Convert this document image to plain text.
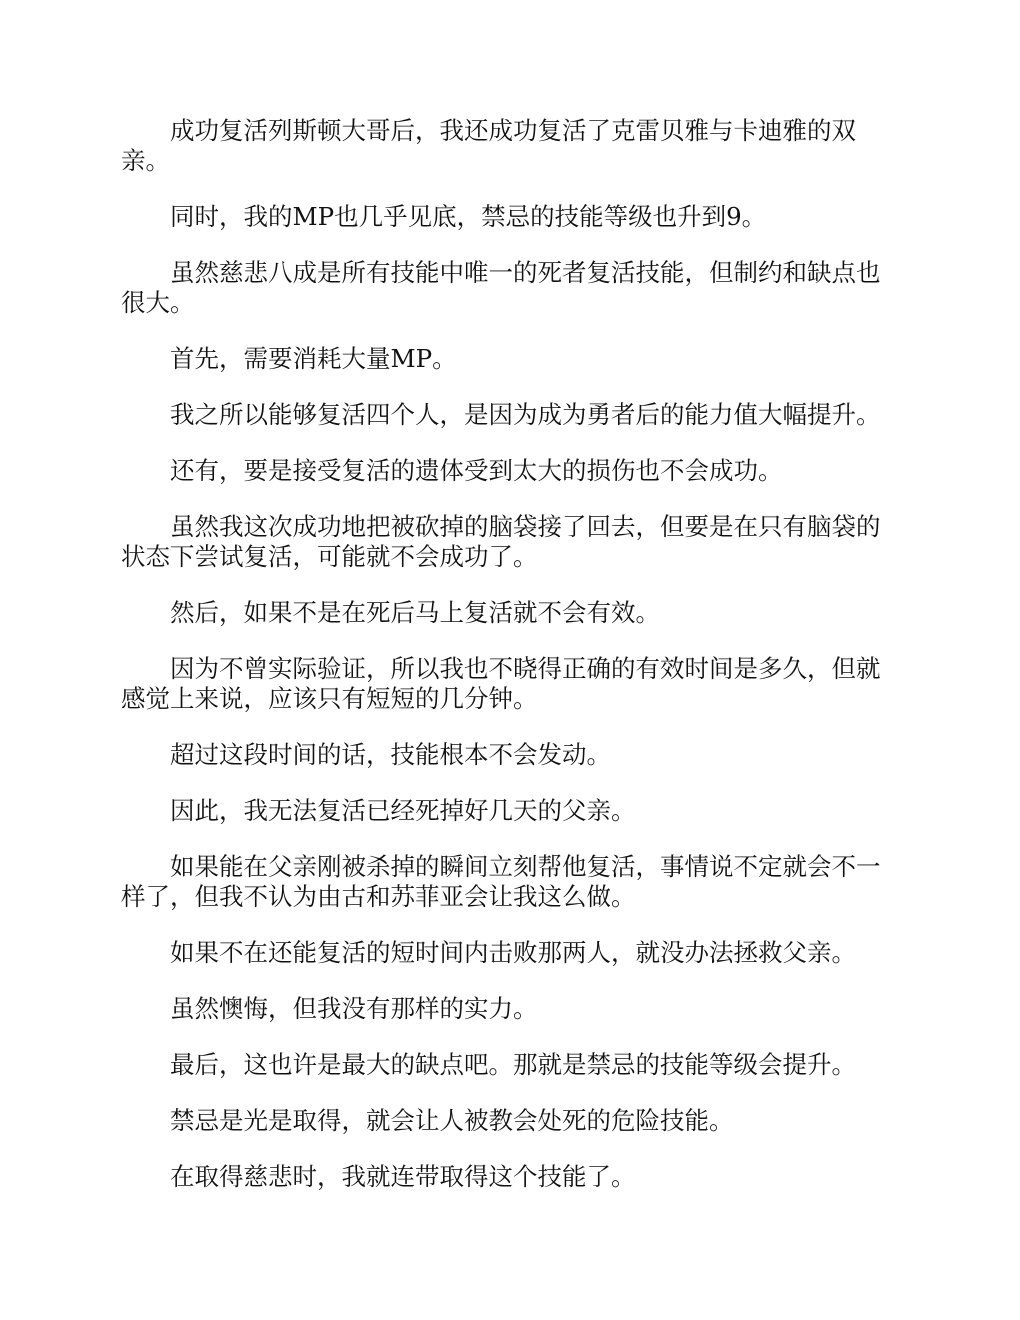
成功复活列斯顿大哥后，我还成功复活了克雷贝雅与卡迪雅的双亲。

同时，我的MP也几乎见底，禁忌的技能等级也升到9。

虽然慈悲八成是所有技能中唯一的死者复活技能，但制约和缺点也很大。

首先，需要消耗大量MP。

我之所以能够复活四个人，是因为成为勇者后的能力值大幅提升。

还有，要是接受复活的遗体受到太大的损伤也不会成功。

虽然我这次成功地把被砍掉的脑袋接了回去，但要是在只有脑袋的状态下尝试复活，可能就不会成功了。

然后，如果不是在死后马上复活就不会有效。

因为不曾实际验证，所以我也不晓得正确的有效时间是多久，但就感觉上来说，应该只有短短的几分钟。

超过这段时间的话，技能根本不会发动。

因此，我无法复活已经死掉好几天的父亲。

如果能在父亲刚被杀掉的瞬间立刻帮他复活，事情说不定就会不一样了，但我不认为由古和苏菲亚会让我这么做。

如果不在还能复活的短时间内击败那两人，就没办法拯救父亲。

虽然懊悔，但我没有那样的实力。

最后，这也许是最大的缺点吧。那就是禁忌的技能等级会提升。

禁忌是光是取得，就会让人被教会处死的危险技能。

在取得慈悲时，我就连带取得这个技能了。
